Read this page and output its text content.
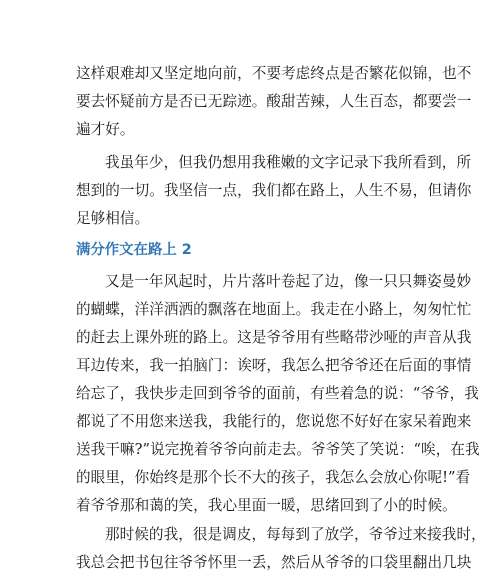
这样艰难却又坚定地向前，不要考虑终点是否繁花似锦，也不
要去怀疑前方是否已无踪迹。酸甜苦辣，人生百态，都要尝一
遍才好。
我虽年少，但我仍想用我稚嫩的文字记录下我所看到，所
想到的一切。我坚信一点，我们都在路上，人生不易，但请你
足够相信。
满分作文在路上 2
又是一年风起时，片片落叶卷起了边，像一只只舞姿曼妙
的蝴蝶，洋洋洒洒的飘落在地面上。我走在小路上，匆匆忙忙
的赶去上课外班的路上。这是爷爷用有些略带沙哑的声音从我
耳边传来，我一拍脑门：诶呀，我怎么把爷爷还在后面的事情
给忘了，我快步走回到爷爷的面前，有些着急的说：“爷爷，我
都说了不用您来送我，我能行的，您说您不好好在家呆着跑来
送我干嘛?”说完挽着爷爷向前走去。爷爷笑了笑说：“唉，在我
的眼里，你始终是那个长不大的孩子，我怎么会放心你呢!”看
着爷爷那和蔼的笑，我心里面一暖，思绪回到了小的时候。
那时候的我，很是调皮，每每到了放学，爷爷过来接我时，
我总会把书包往爷爷怀里一丢，然后从爷爷的口袋里翻出几块
